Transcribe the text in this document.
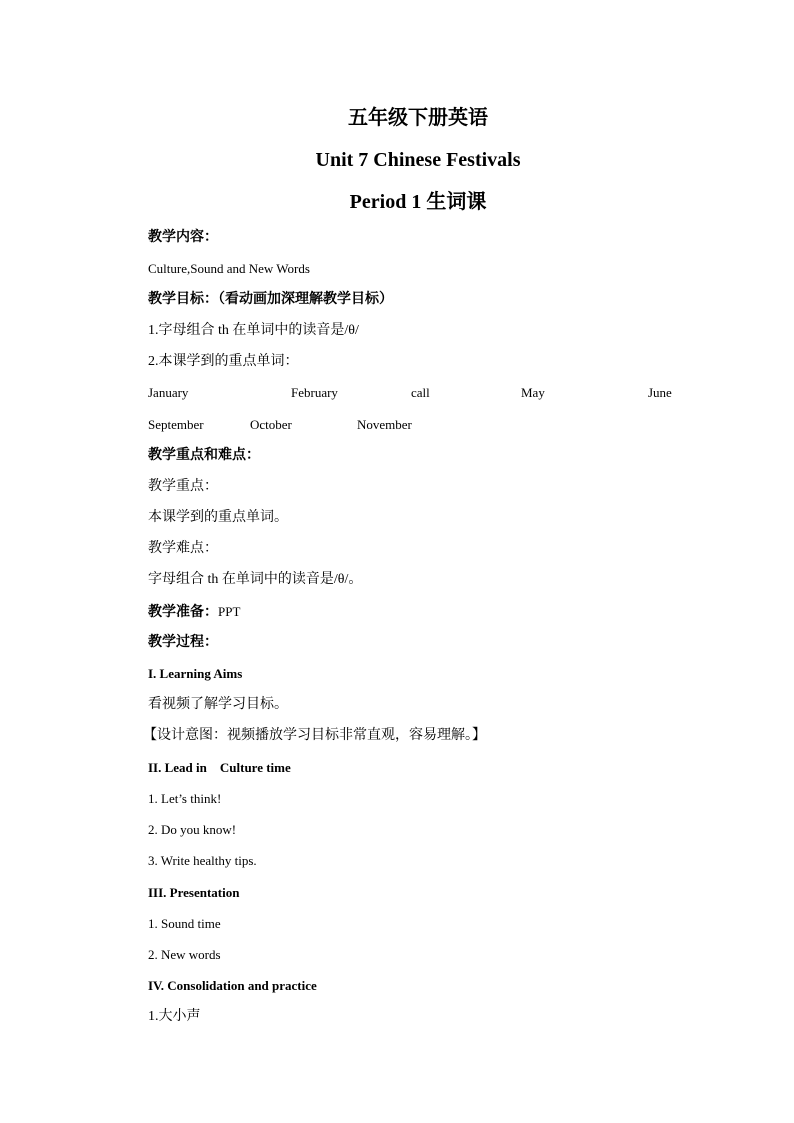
五年级下册英语
Unit 7 Chinese Festivals
Period 1 生词课
教学内容：
Culture,Sound and New Words
教学目标：（看动画加深理解教学目标）
1.字母组合 th 在单词中的读音是/θ/
2.本课学到的重点单词：
January	February	call	May	June
September	October	November
教学重点和难点：
教学重点：
本课学到的重点单词。
教学难点：
字母组合 th 在单词中的读音是/θ/。
教学准备：PPT
教学过程：
I. Learning Aims
看视频了解学习目标。
【设计意图：视频播放学习目标非常直观，容易理解。】
II. Lead in    Culture time
1. Let’s think!
2. Do you know!
3. Write healthy tips.
III. Presentation
1. Sound time
2. New words
IV. Consolidation and practice
1.大小声
